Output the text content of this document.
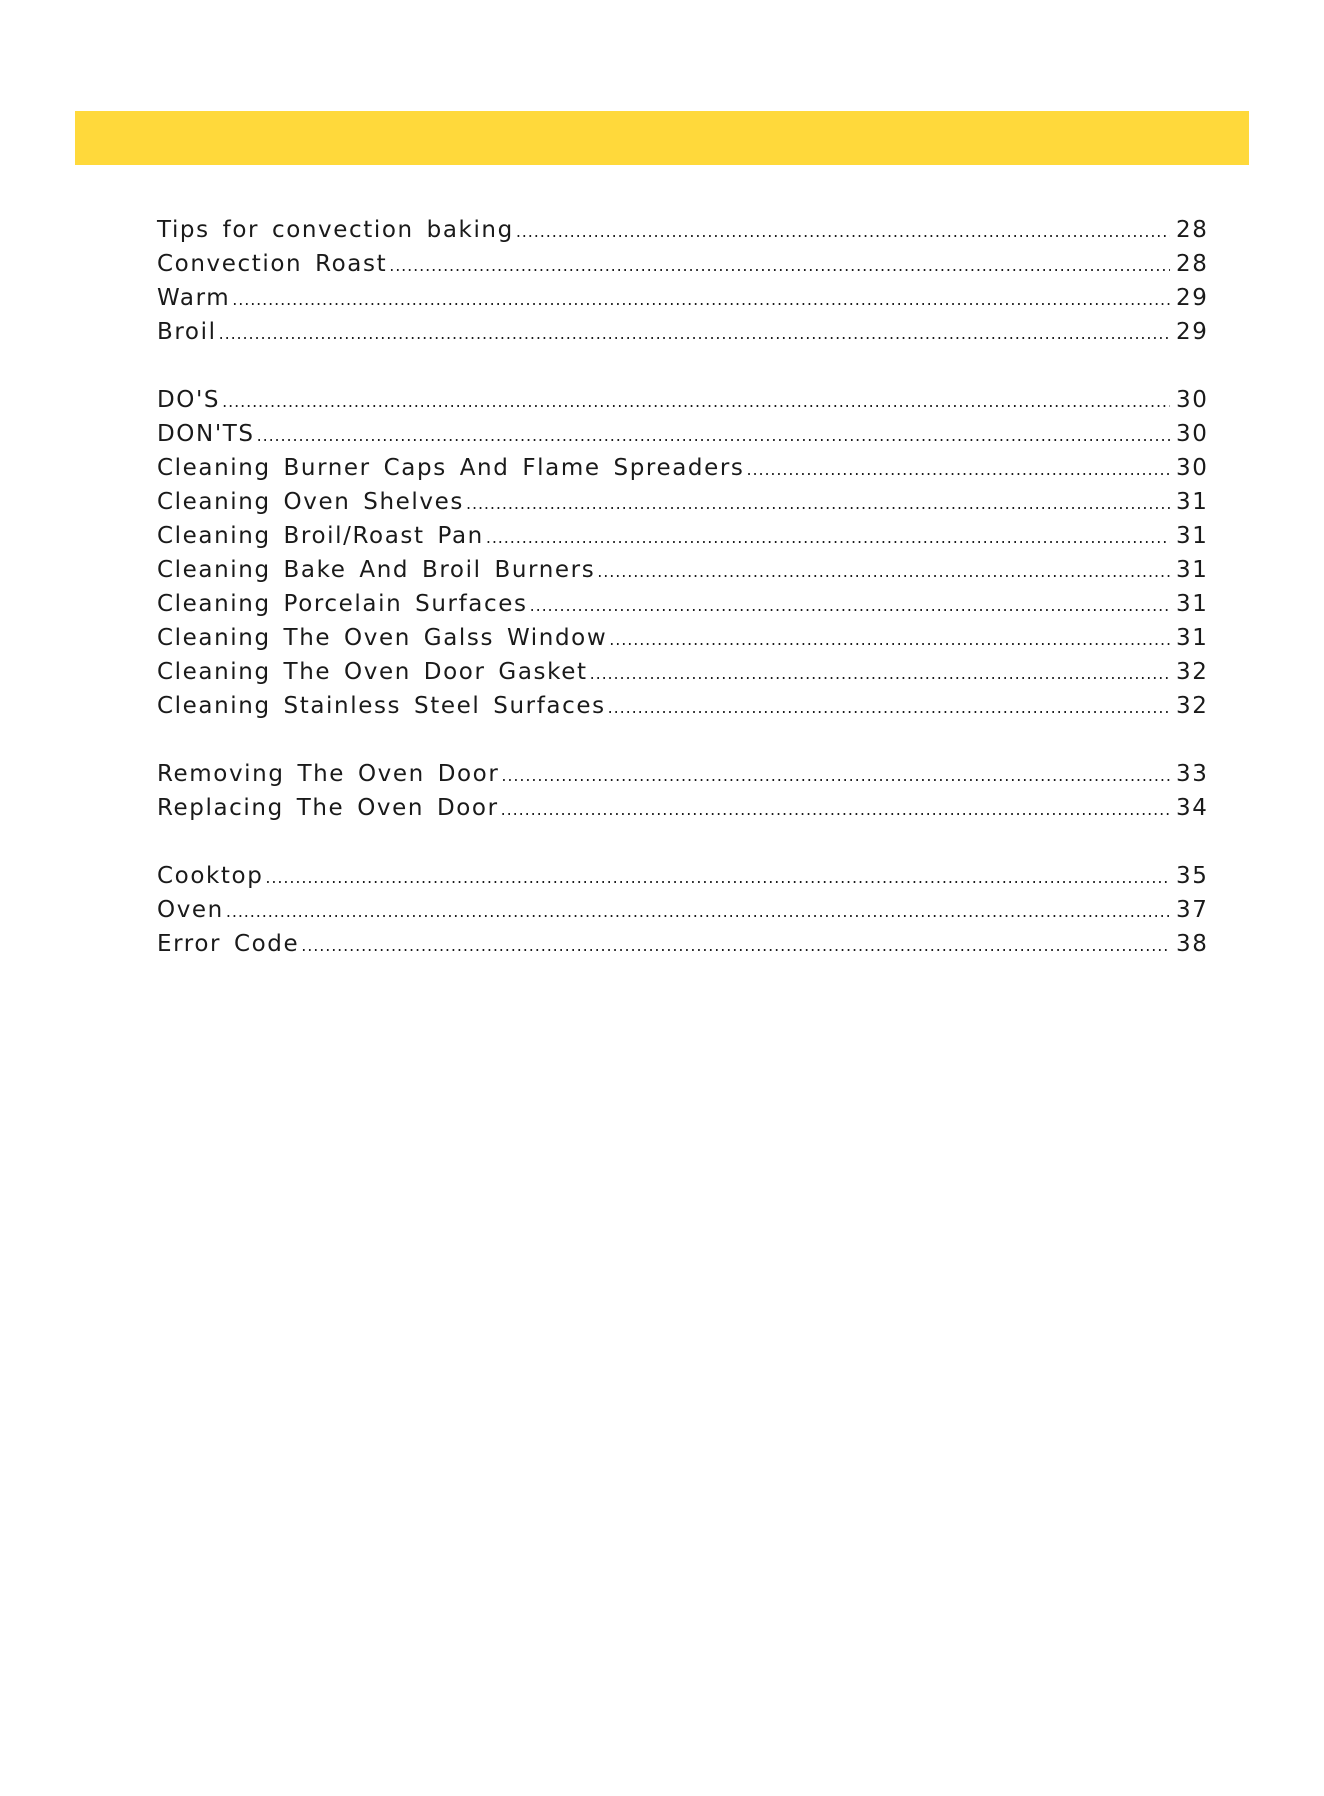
Tips for convection baking .....	28
Convection Roast .....	28
Warm .....	29
Broil .....	29
DO'S .....	30
DON'TS .....	30
Cleaning Burner Caps And Flame Spreaders .....	30
Cleaning Oven Shelves .....	31
Cleaning Broil/Roast Pan .....	31
Cleaning Bake And Broil Burners .....	31
Cleaning Porcelain Surfaces .....	31
Cleaning The Oven Galss Window .....	31
Cleaning The Oven Door Gasket .....	32
Cleaning Stainless Steel Surfaces .....	32
Removing The Oven Door .....	33
Replacing The Oven Door .....	34
Cooktop .....	35
Oven .....	37
Error Code .....	38
